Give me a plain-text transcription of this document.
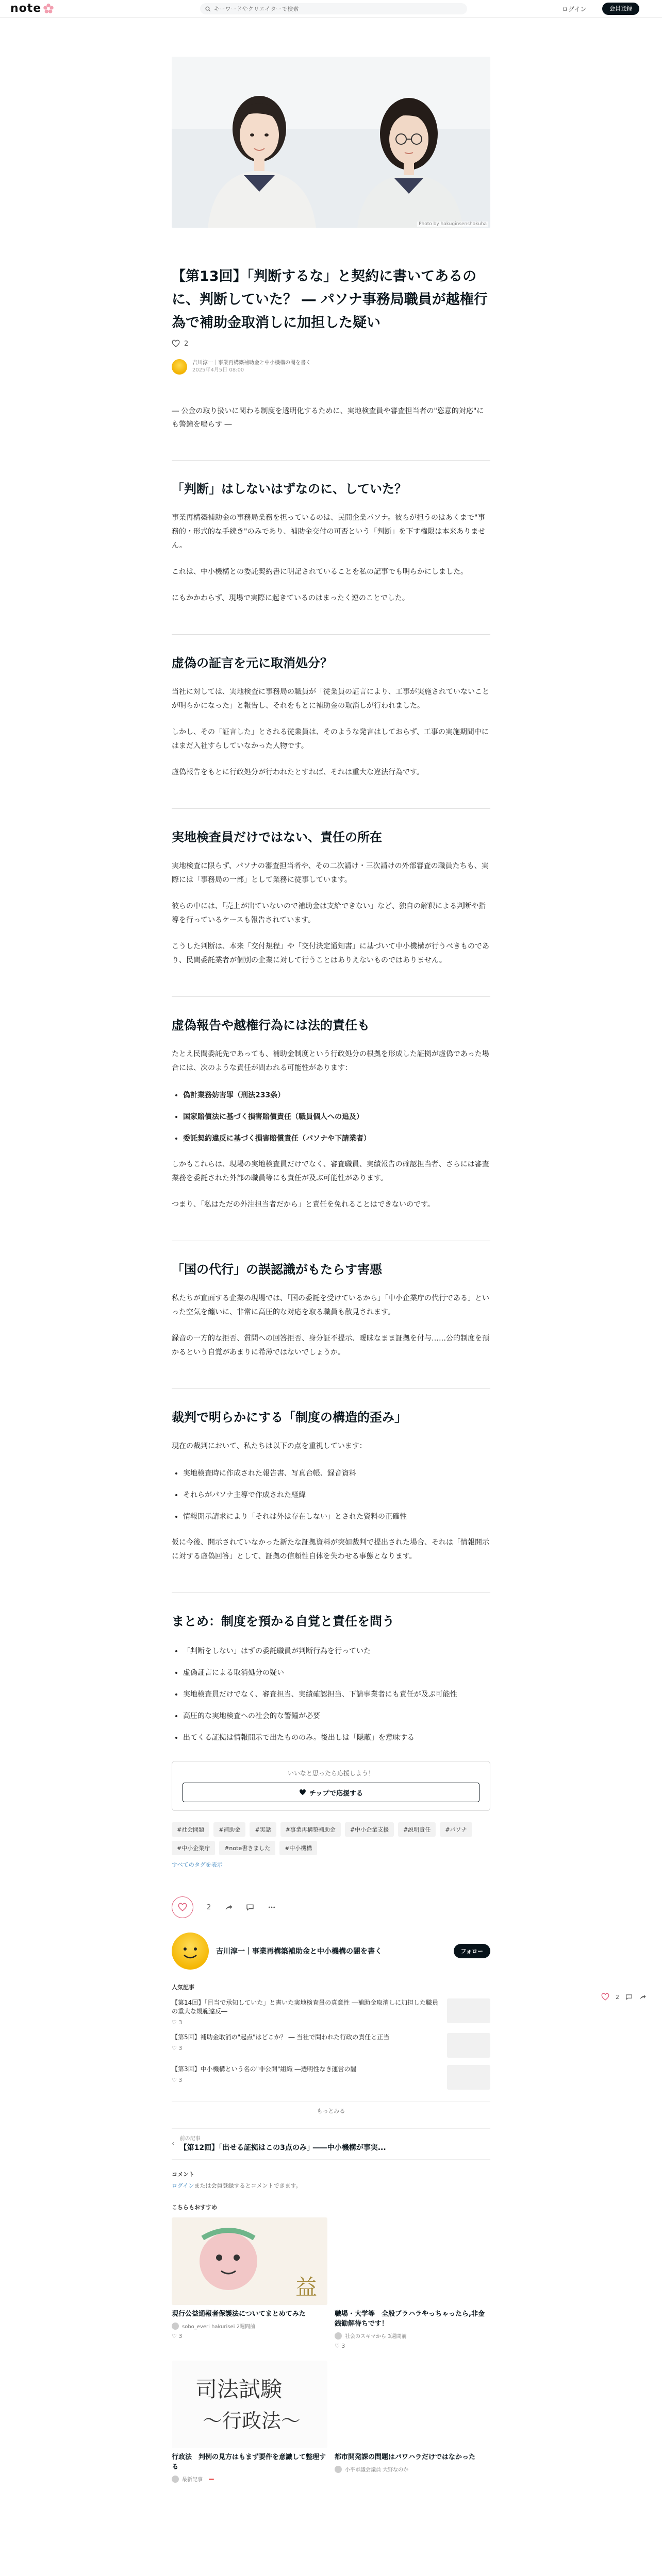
note
キーワードやクリエイターで検索	ログイン	会員登録
Photo by hakuginsenshokuha
【第13回】「判断するな」と契約に書いてあるのに、判断していた？ ― パソナ事務局職員が越権行為で補助金取消しに加担した疑い
2
吉川淳一｜事業再構築補助金と中小機構の闇を書く
2025年4月5日 08:00

― 公金の取り扱いに関わる制度を透明化するために、実地検査員や審査担当者の"恣意的対応"にも警鐘を鳴らす ―

「判断」はしないはずなのに、していた？

事業再構築補助金の事務局業務を担っているのは、民間企業パソナ。彼らが担うのはあくまで"事務的・形式的な手続き"のみであり、補助金交付の可否という「判断」を下す権限は本来ありません。

これは、中小機構との委託契約書に明記されていることを私の記事でも明らかにしました。

にもかかわらず、現場で実際に起きているのはまったく逆のことでした。

虚偽の証言を元に取消処分？

当社に対しては、実地検査に事務局の職員が「従業員の証言により、工事が実施されていないことが明らかになった」と報告し、それをもとに補助金の取消しが行われました。

しかし、その「証言した」とされる従業員は、そのような発言はしておらず、工事の実施期間中にはまだ入社すらしていなかった人物です。

虚偽報告をもとに行政処分が行われたとすれば、それは重大な違法行為です。

実地検査員だけではない、責任の所在

実地検査に限らず、パソナの審査担当者や、その二次請け・三次請けの外部審査の職員たちも、実際には「事務局の一部」として業務に従事しています。

彼らの中には、「売上が出ていないので補助金は支給できない」など、独自の解釈による判断や指導を行っているケースも報告されています。

こうした判断は、本来「交付規程」や「交付決定通知書」に基づいて中小機構が行うべきものであり、民間委託業者が個別の企業に対して行うことはありえないものではありません。

虚偽報告や越権行為には法的責任も

たとえ民間委託先であっても、補助金制度という行政処分の根拠を形成した証拠が虚偽であった場合には、次のような責任が問われる可能性があります：

• 偽計業務妨害罪（刑法233条）
• 国家賠償法に基づく損害賠償責任（職員個人への追及）
• 委託契約違反に基づく損害賠償責任（パソナや下請業者）

しかもこれらは、現場の実地検査員だけでなく、審査職員、実績報告の確認担当者、さらには審査業務を委託された外部の職員等にも責任が及ぶ可能性があります。

つまり、「私はただの外注担当者だから」と責任を免れることはできないのです。

「国の代行」の誤認識がもたらす害悪

私たちが直面する企業の現場では、「国の委託を受けているから」「中小企業庁の代行である」といった空気を纏いに、非常に高圧的な対応を取る職員も散見されます。

録音の一方的な拒否、質問への回答拒否、身分証不提示、曖昧なまま証拠を付与……公的制度を預かるという自覚があまりに希薄ではないでしょうか。

裁判で明らかにする「制度の構造的歪み」

現在の裁判において、私たちは以下の点を重視しています：

• 実地検査時に作成された報告書、写真台帳、録音資料
• それらがパソナ主導で作成された経緯
• 情報開示請求により「それは外は存在しない」とされた資料の正確性

仮に今後、開示されていなかった新たな証拠資料が突如裁判で提出された場合、それは「情報開示に対する虚偽回答」として、証拠の信頼性自体を失わせる事態となります。

まとめ：制度を預かる自覚と責任を問う
• 「判断をしない」はずの委託職員が判断行為を行っていた
• 虚偽証言による取消処分の疑い
• 実地検査員だけでなく、審査担当、実績確認担当、下請事業者にも責任が及ぶ可能性
• 高圧的な実地検査への社会的な警鐘が必要
• 出てくる証拠は情報開示で出たもののみ。後出しは「隠蔽」を意味する
いいなと思ったら応援しよう！
チップで応援する
#社会問題	#補助金	#実話	#事業再構築補助金	#中小企業支援	#説明責任	#パソナ
#中小企業庁	#note書きました	#中小機構
すべてのタグを表示
2
吉川淳一｜事業再構築補助金と中小機構の闇を書く	フォロー
人気記事
【第14回】｢目当で承知していた」と書いた実地検査員の真意性 ―補助金取消しに加担した職員の重大な規範違反―
♡ 3
【第5回】補助金取消の"起点"はどこか？ ― 当社で問われた行政の責任と正当
♡ 3
【第3回】中小機構という名の"非公開"組織 ―透明性なき運営の闇
♡ 3
もっとみる
‹
前の記事
【第12回】｢出せる証拠はこの3点のみ｣ ――中小機構が事実...
コメント
ログインまたは会員登録するとコメントできます。
こちらもおすすめ
益
現行公益通報者保護法についてまとめてみた
sobo_everi hakurisei 2週間前
♡ 3
職場・大学等　全般ブラハラやっちゃったら,非金銭勧解待ちです！
社会のスキマから 3週間前
♡ 3
司法試験
〜行政法〜
行政法　判例の見方はもまず要件を意識して整理する
最新記事
都市開発課の問題はパワハラだけではなかった
小平市議会議員 大野なのか
2
